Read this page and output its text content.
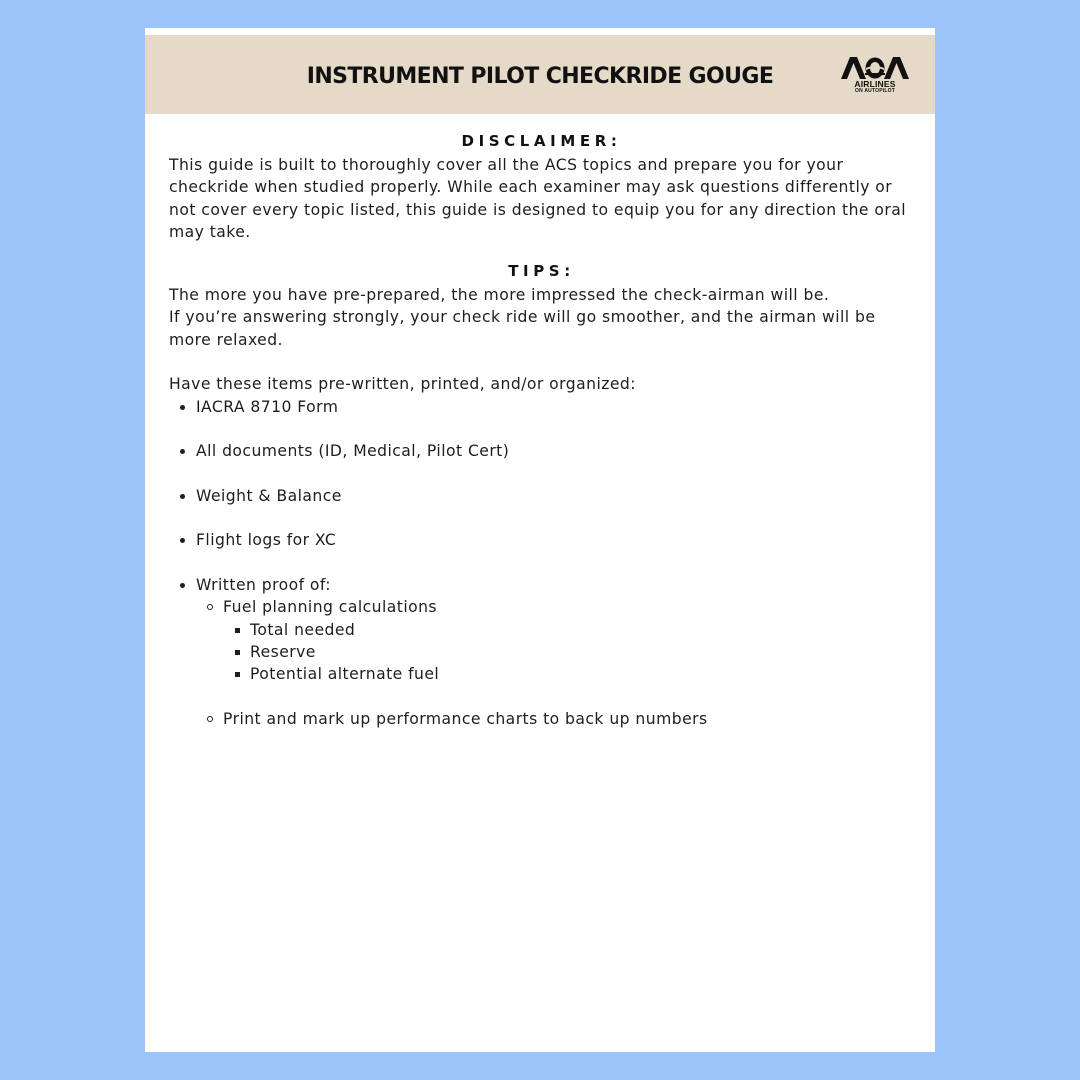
INSTRUMENT PILOT CHECKRIDE GOUGE	AIRLINES
ON AUTOPILOT
DISCLAIMER:

This guide is built to thoroughly cover all the ACS topics and prepare you for your checkride when studied properly. While each examiner may ask questions differently or not cover every topic listed, this guide is designed to equip you for any direction the oral may take.

TIPS:

The more you have pre-prepared, the more impressed the check-airman will be.

If you’re answering strongly, your check ride will go smoother, and the airman will be more relaxed.

Have these items pre-written, printed, and/or organized:

IACRA 8710 Form
All documents (ID, Medical, Pilot Cert)
Weight & Balance
Flight logs for XC
Written proof of:
Fuel planning calculations
Total needed
Reserve
Potential alternate fuel
Print and mark up performance charts to back up numbers
